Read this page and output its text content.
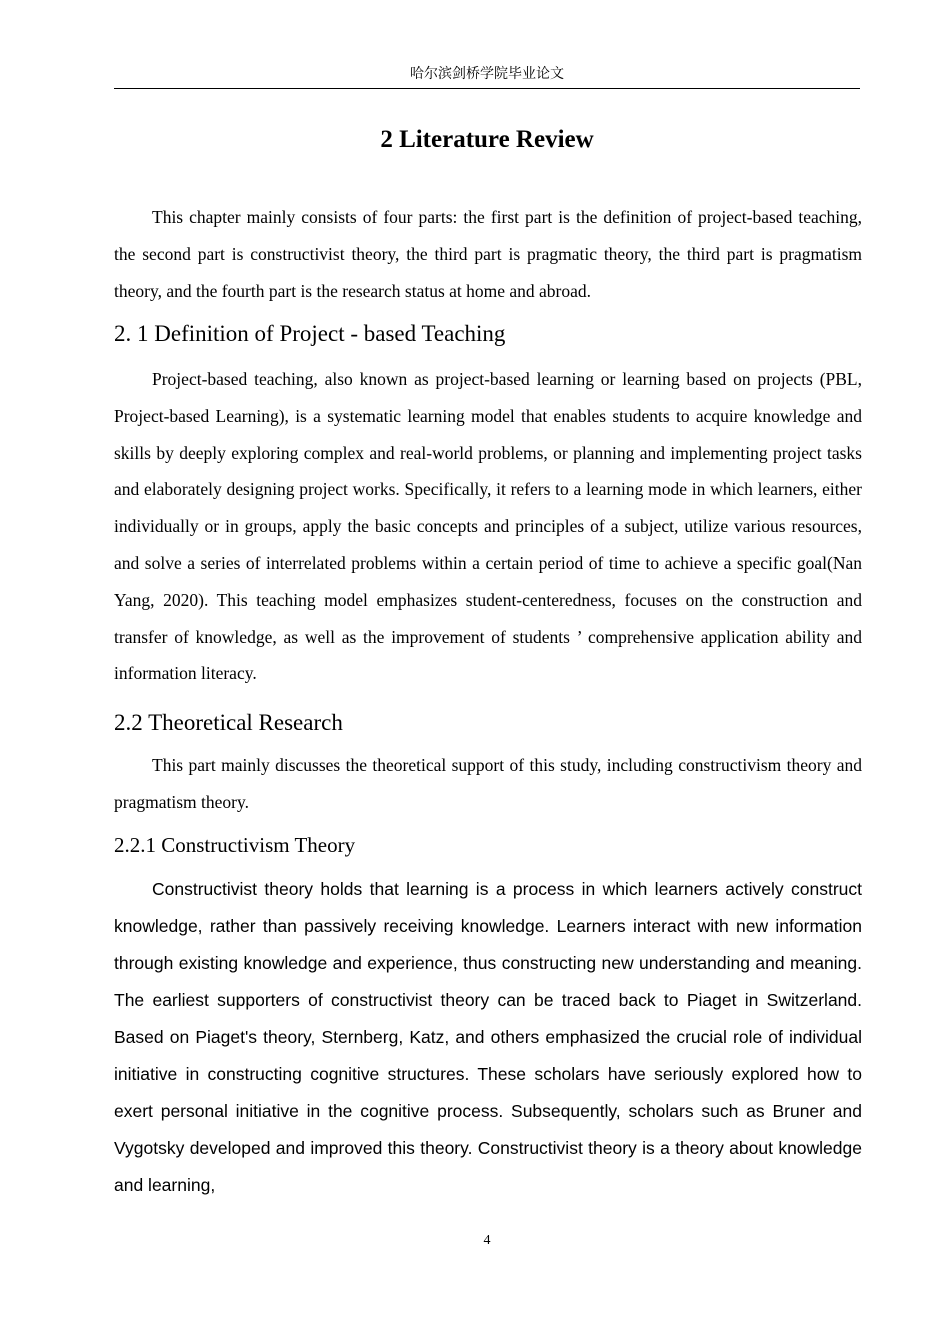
哈尔滨剑桥学院毕业论文
2 Literature Review

This chapter mainly consists of four parts: the first part is the definition of project-based teaching, the second part is constructivist theory, the third part is pragmatic theory, the third part is pragmatism theory, and the fourth part is the research status at home and abroad.

2. 1 Definition of Project - based Teaching

Project-based teaching, also known as project-based learning or learning based on projects (PBL, Project-based Learning), is a systematic learning model that enables students to acquire knowledge and skills by deeply exploring complex and real-world problems, or planning and implementing project tasks and elaborately designing project works. Specifically, it refers to a learning mode in which learners, either individually or in groups, apply the basic concepts and principles of a subject, utilize various resources, and solve a series of interrelated problems within a certain period of time to achieve a specific goal(Nan Yang, 2020). This teaching model emphasizes student-centeredness, focuses on the construction and transfer of knowledge, as well as the improvement of students ’ comprehensive application ability and information literacy.

2.2 Theoretical Research

This part mainly discusses the theoretical support of this study, including constructivism theory and pragmatism theory.

2.2.1 Constructivism Theory

Constructivist theory holds that learning is a process in which learners actively construct knowledge, rather than passively receiving knowledge. Learners interact with new information through existing knowledge and experience, thus constructing new understanding and meaning. The earliest supporters of constructivist theory can be traced back to Piaget in Switzerland. Based on Piaget's theory, Sternberg, Katz, and others emphasized the crucial role of individual initiative in constructing cognitive structures. These scholars have seriously explored how to exert personal initiative in the cognitive process. Subsequently, scholars such as Bruner and Vygotsky developed and improved this theory. Constructivist theory is a theory about knowledge and learning,

4
